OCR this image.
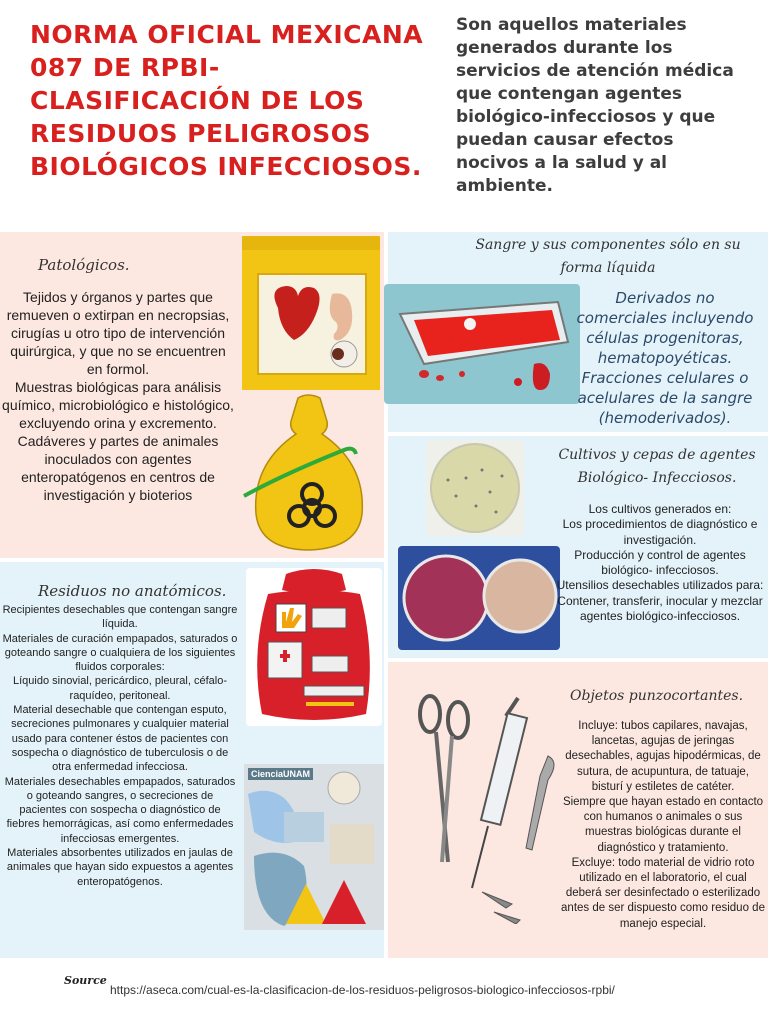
NORMA OFICIAL MEXICANA 087 DE RPBI-CLASIFICACIÓN DE LOS RESIDUOS PELIGROSOS BIOLÓGICOS INFECCIOSOS.
Son aquellos materiales generados durante los servicios de atención médica que contengan agentes biológico-infecciosos y que puedan causar efectos nocivos a la salud y al ambiente.
Patológicos.
Tejidos y órganos y partes que remueven o extirpan en necropsias, cirugías u otro tipo de intervención quirúrgica, y que no se encuentren en formol.
Muestras biológicas para análisis químico, microbiológico e histológico, excluyendo orina y excremento.
Cadáveres y partes de animales inoculados con agentes enteropatógenos en centros de investigación y bioterios
Sangre y sus componentes sólo en su forma líquida
Derivados no comerciales incluyendo células progenitoras, hematopoyéticas. Fracciones celulares o acelulares de la sangre (hemoderivados).
Cultivos y cepas de agentes Biológico- Infecciosos.
Los cultivos generados en:
Los procedimientos de diagnóstico e investigación.
Producción y control de agentes biológico- infecciosos.
Utensilios desechables utilizados para:
Contener, transferir, inocular y mezclar agentes biológico-infecciosos.
Residuos no anatómicos.
Recipientes desechables que contengan sangre líquida.
Materiales de curación empapados, saturados o goteando sangre o cualquiera de los siguientes fluidos corporales:
Líquido sinovial, pericárdico, pleural, céfalo-raquídeo, peritoneal.
Material desechable que contengan esputo, secreciones pulmonares y cualquier material usado para contener éstos de pacientes con sospecha o diagnóstico de tuberculosis o de otra enfermedad infecciosa.
Materiales desechables empapados, saturados o goteando sangres, o secreciones de pacientes con sospecha o diagnóstico de fiebres hemorrágicas, así como enfermedades infecciosas emergentes.
Materiales absorbentes utilizados en jaulas de animales que hayan sido expuestos a agentes enteropatógenos.
CienciaUNAM
Objetos punzocortantes.
Incluye: tubos capilares, navajas, lancetas, agujas de jeringas desechables, agujas hipodérmicas, de sutura, de acupuntura, de tatuaje, bisturí y estiletes de catéter.
Siempre que hayan estado en contacto con humanos o animales o sus muestras biológicas durante el diagnóstico y tratamiento.
Excluye: todo material de vidrio roto utilizado en el laboratorio, el cual deberá ser desinfectado o esterilizado antes de ser dispuesto como residuo de manejo especial.
Source
https://aseca.com/cual-es-la-clasificacion-de-los-residuos-peligrosos-biologico-infecciosos-rpbi/
